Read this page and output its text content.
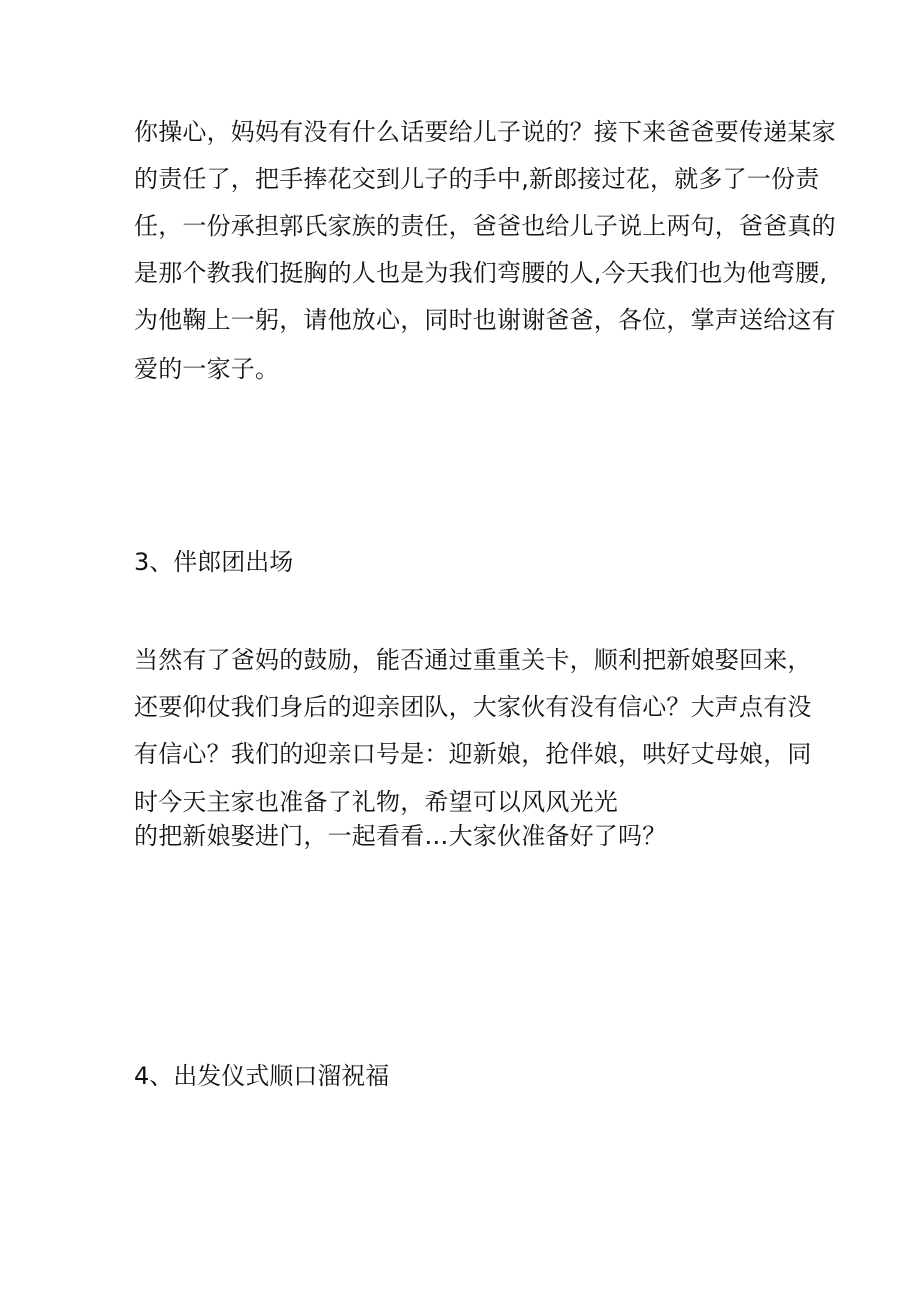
你操心，妈妈有没有什么话要给儿子说的？接下来爸爸要传递某家
的责任了，把手捧花交到儿子的手中,新郎接过花，就多了一份责
任，一份承担郭氏家族的责任，爸爸也给儿子说上两句，爸爸真的
是那个教我们挺胸的人也是为我们弯腰的人,今天我们也为他弯腰,
为他鞠上一躬，请他放心，同时也谢谢爸爸，各位，掌声送给这有
爱的一家子。
3、伴郎团出场
当然有了爸妈的鼓励，能否通过重重关卡，顺利把新娘娶回来，
还要仰仗我们身后的迎亲团队，大家伙有没有信心？大声点有没
有信心？我们的迎亲口号是：迎新娘，抢伴娘，哄好丈母娘，同
时今天主家也准备了礼物，希望可以风风光光
的把新娘娶进门，一起看看…大家伙准备好了吗？
4、出发仪式顺口溜祝福
